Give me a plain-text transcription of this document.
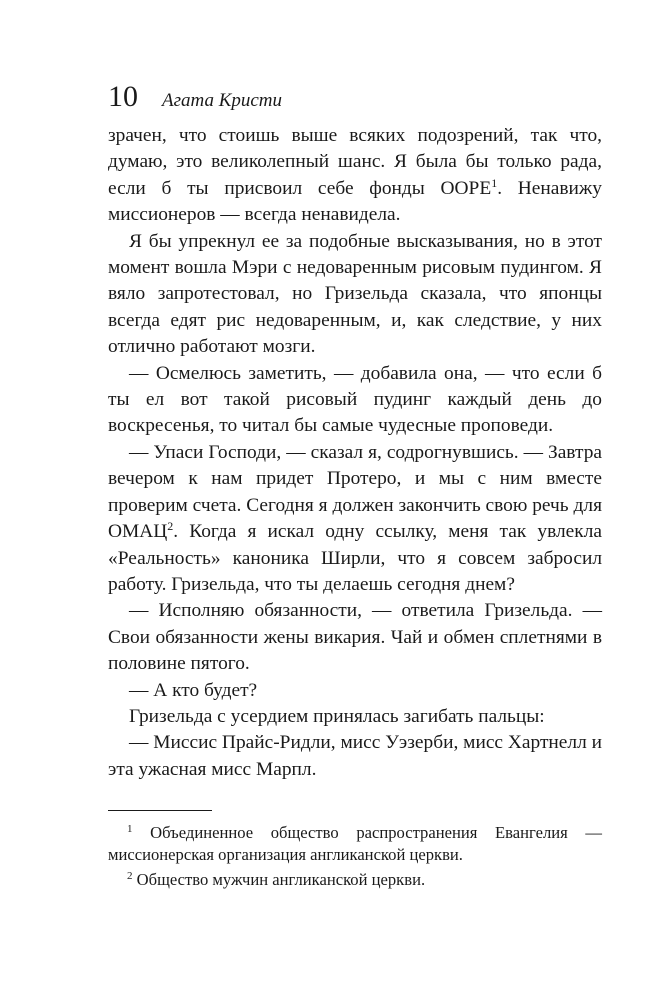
10 Агата Кристи

зрачен, что стоишь выше всяких подозрений, так что, думаю, это великолепный шанс. Я была бы только рада, если б ты присвоил себе фонды ООРЕ$^1$. Ненавижу миссионеров — всегда ненавидела.

Я бы упрекнул ее за подобные высказывания, но в этот момент вошла Мэри с недоваренным рисовым пудингом. Я вяло запротестовал, но Гризельда сказала, что японцы всегда едят рис недоваренным, и, как следствие, у них отлично работают мозги.

— Осмелюсь заметить, — добавила она, — что если б ты ел вот такой рисовый пудинг каждый день до воскресенья, то читал бы самые чудесные проповеди.

— Упаси Господи, — сказал я, содрогнувшись. — Завтра вечером к нам придет Протеро, и мы с ним вместе проверим счета. Сегодня я должен закончить свою речь для ОМАЦ$^2$. Когда я искал одну ссылку, меня так увлекла «Реальность» каноника Ширли, что я совсем забросил работу. Гризельда, что ты делаешь сегодня днем?

— Исполняю обязанности, — ответила Гризельда. — Свои обязанности жены викария. Чай и обмен сплетнями в половине пятого.

— А кто будет?

Гризельда с усердием принялась загибать пальцы:

— Миссис Прайс-Ридли, мисс Уэзерби, мисс Хартнелл и эта ужасная мисс Марпл.

$^1$ Объединенное общество распространения Евангелия — миссионерская организация англиканской церкви.

$^2$ Общество мужчин англиканской церкви.
